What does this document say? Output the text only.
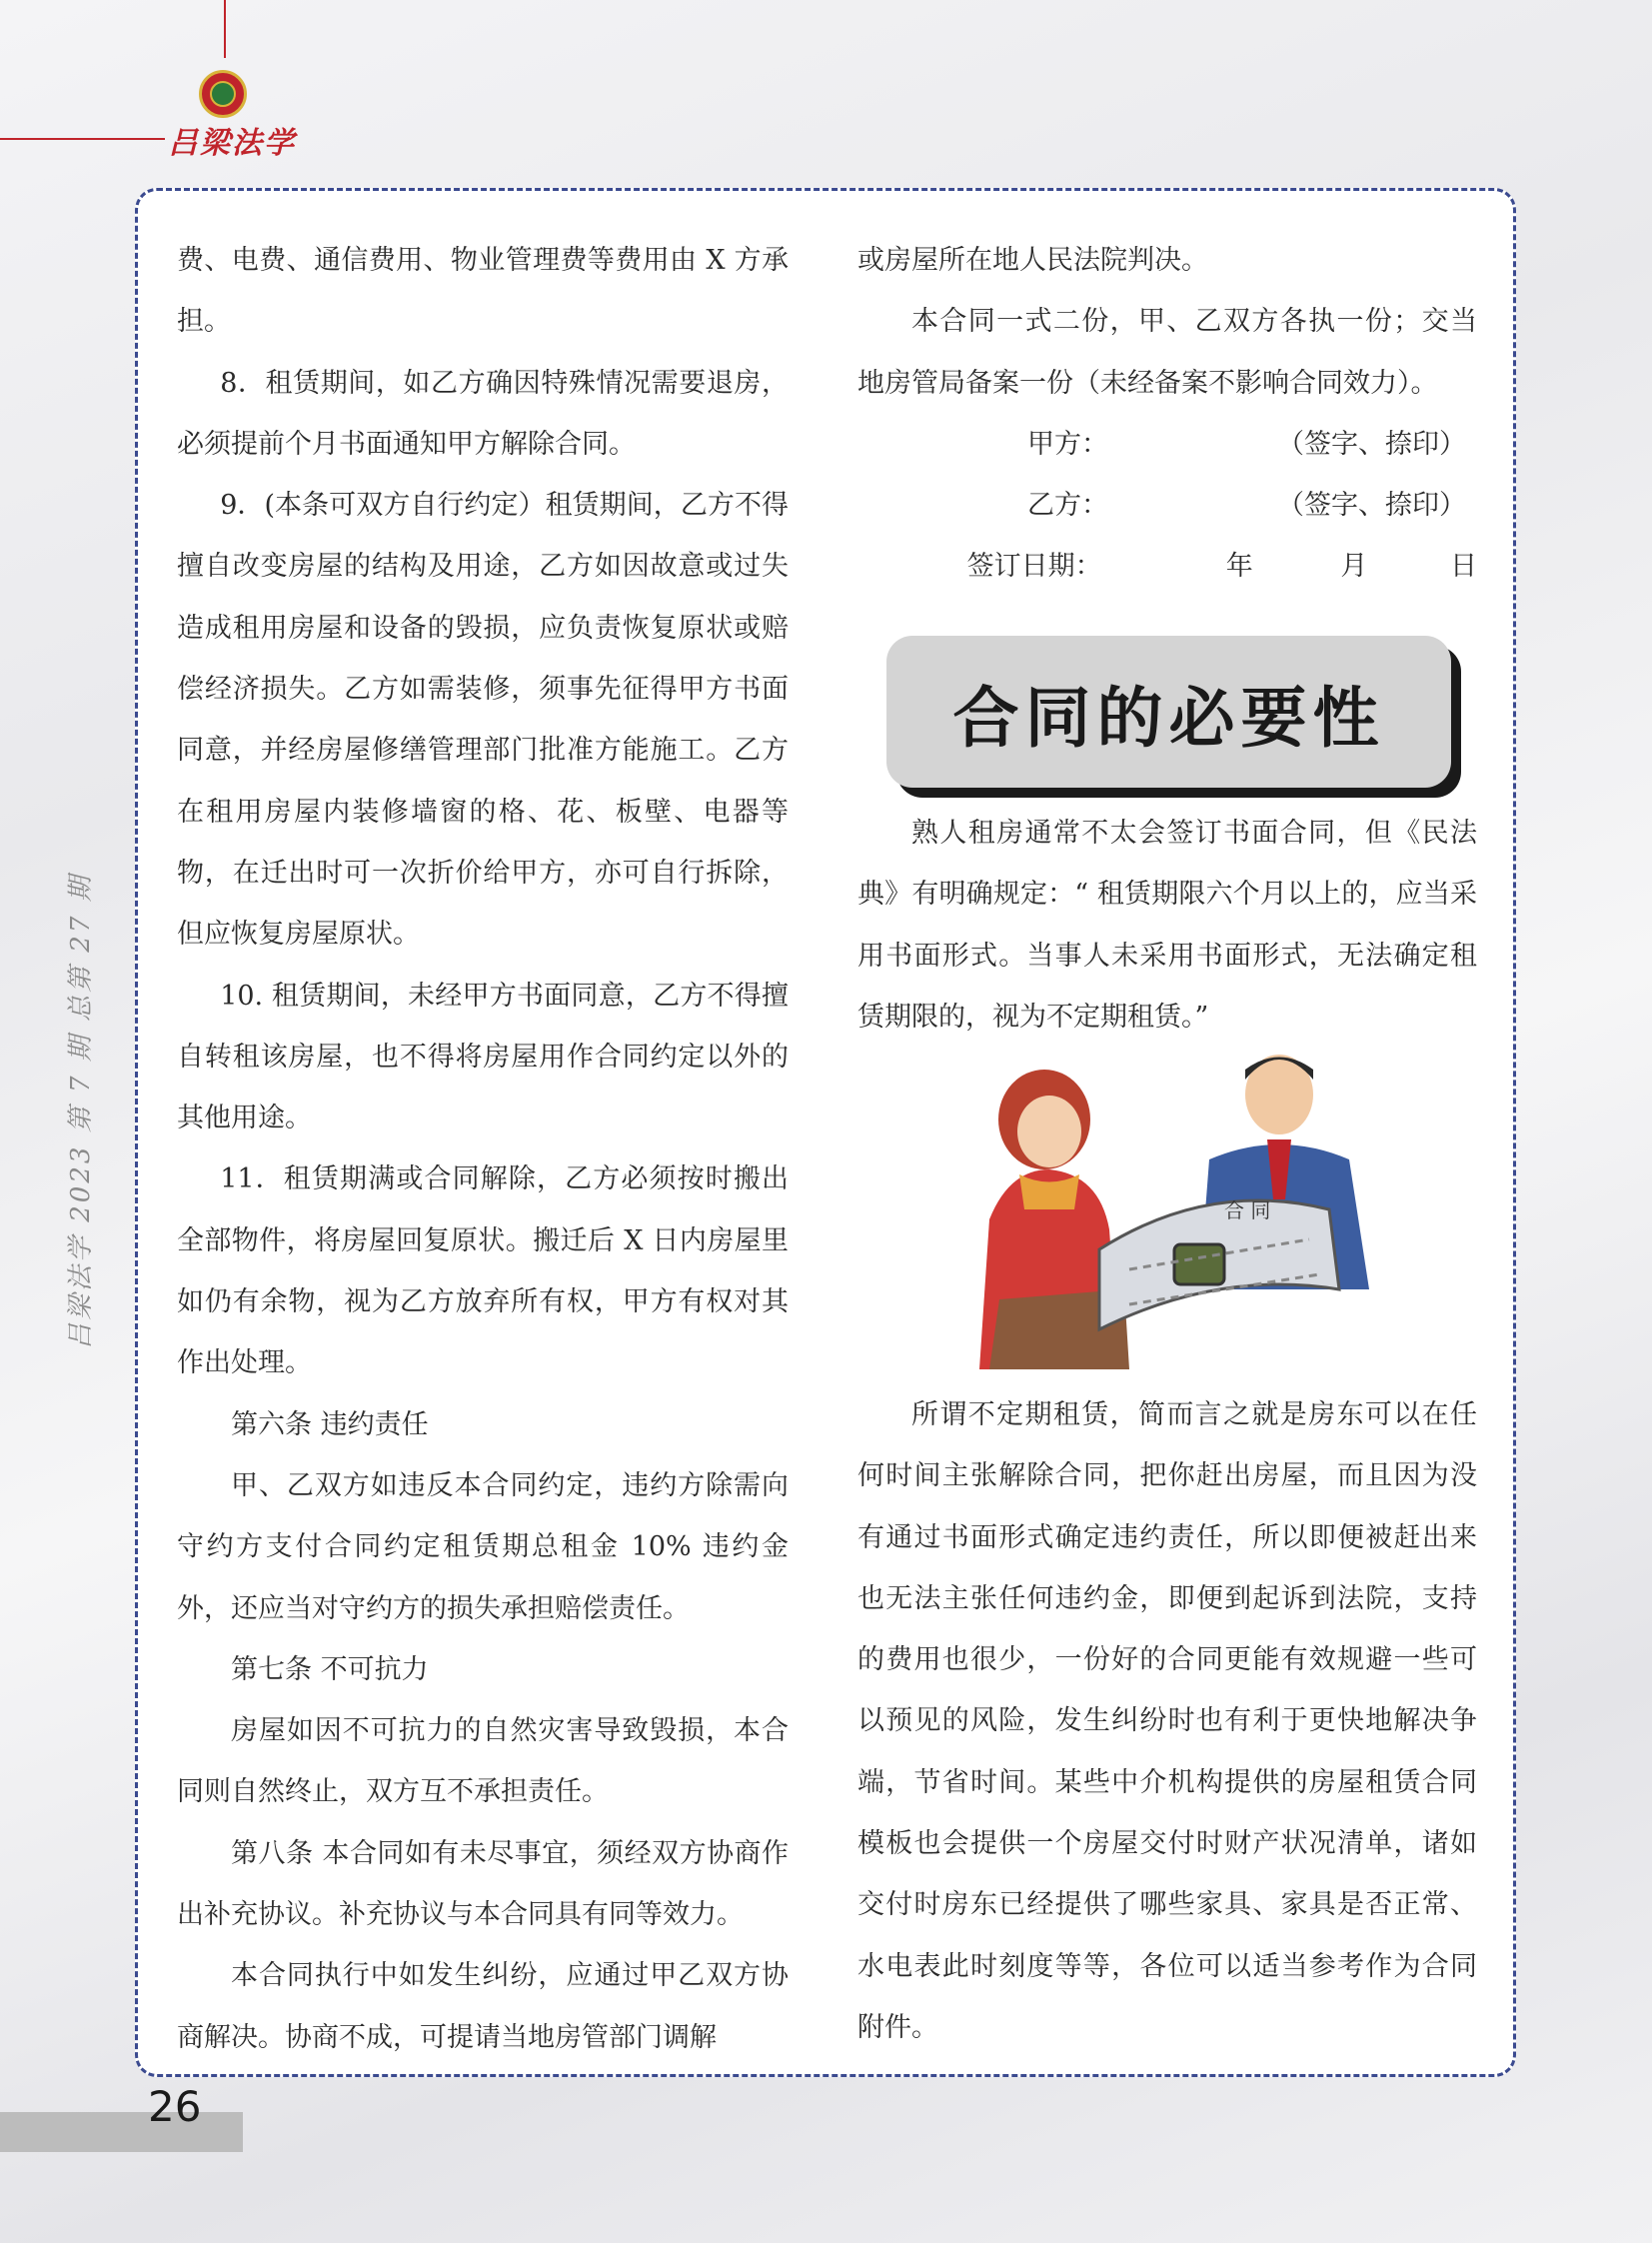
吕梁法学
吕梁法学 2023 第 7 期 总第 27 期

费、电费、通信费用、物业管理费等费用由 X 方承担。

8．租赁期间，如乙方确因特殊情况需要退房，必须提前个月书面通知甲方解除合同。

9．(本条可双方自行约定）租赁期间，乙方不得擅自改变房屋的结构及用途，乙方如因故意或过失造成租用房屋和设备的毁损，应负责恢复原状或赔偿经济损失。乙方如需装修，须事先征得甲方书面同意，并经房屋修缮管理部门批准方能施工。乙方在租用房屋内装修墙窗的格、花、板壁、电器等物，在迁出时可一次折价给甲方，亦可自行拆除，但应恢复房屋原状。

10. 租赁期间，未经甲方书面同意，乙方不得擅自转租该房屋，也不得将房屋用作合同约定以外的其他用途。

11．租赁期满或合同解除，乙方必须按时搬出全部物件，将房屋回复原状。搬迁后 X 日内房屋里如仍有余物，视为乙方放弃所有权，甲方有权对其作出处理。

第六条 违约责任

甲、乙双方如违反本合同约定，违约方除需向守约方支付合同约定租赁期总租金 10% 违约金外，还应当对守约方的损失承担赔偿责任。

第七条 不可抗力

房屋如因不可抗力的自然灾害导致毁损，本合同则自然终止，双方互不承担责任。

第八条 本合同如有未尽事宜，须经双方协商作出补充协议。补充协议与本合同具有同等效力。

本合同执行中如发生纠纷，应通过甲乙双方协商解决。协商不成，可提请当地房管部门调解

或房屋所在地人民法院判决。

本合同一式二份，甲、乙双方各执一份；交当地房管局备案一份（未经备案不影响合同效力）。

甲方：	（签字、捺印）

乙方：	（签字、捺印）

签订日期：	年	月	日

合同的必要性

熟人租房通常不太会签订书面合同，但《民法典》有明确规定：“ 租赁期限六个月以上的，应当采用书面形式。当事人未采用书面形式，无法确定租赁期限的，视为不定期租赁。”

合 同

所谓不定期租赁，简而言之就是房东可以在任何时间主张解除合同，把你赶出房屋，而且因为没有通过书面形式确定违约责任，所以即便被赶出来也无法主张任何违约金，即便到起诉到法院，支持的费用也很少，一份好的合同更能有效规避一些可以预见的风险，发生纠纷时也有利于更快地解决争端，节省时间。某些中介机构提供的房屋租赁合同模板也会提供一个房屋交付时财产状况清单，诸如交付时房东已经提供了哪些家具、家具是否正常、水电表此时刻度等等，各位可以适当参考作为合同附件。

26
